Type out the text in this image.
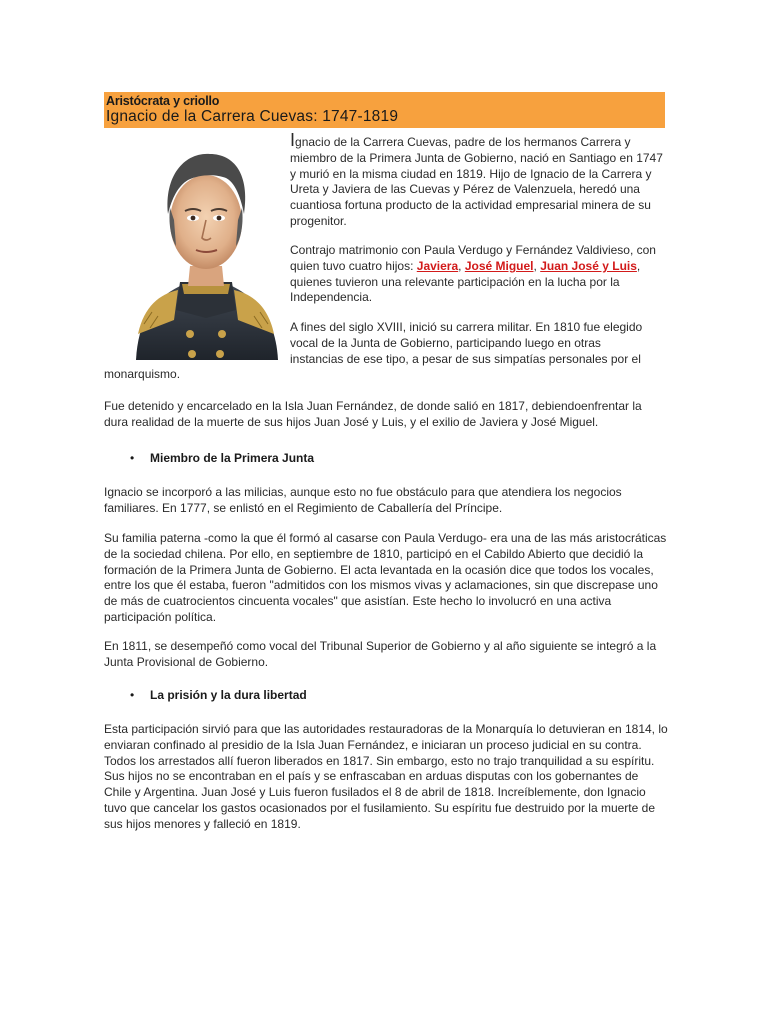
Aristócrata y criollo
Ignacio de la Carrera Cuevas: 1747-1819

Ignacio de la Carrera Cuevas, padre de los hermanos Carrera y miembro de la Primera Junta de Gobierno, nació en Santiago en 1747 y murió en la misma ciudad en 1819. Hijo de Ignacio de la Carrera y Ureta y Javiera de las Cuevas y Pérez de Valenzuela, heredó una cuantiosa fortuna producto de la actividad empresarial minera de su progenitor.

Contrajo matrimonio con Paula Verdugo y Fernández Valdivieso, con quien tuvo cuatro hijos: Javiera, José Miguel, Juan José y Luis, quienes tuvieron una relevante participación en la lucha por la Independencia.

A fines del siglo XVIII, inició su carrera militar. En 1810 fue elegido
vocal de la Junta de Gobierno, participando luego en otras
instancias de ese tipo, a pesar de sus simpatías personales por el
monarquismo.

Fue detenido y encarcelado en la Isla Juan Fernández, de donde salió en 1817, debiendoenfrentar la dura realidad de la muerte de sus hijos Juan José y Luis, y el exilio de Javiera y José Miguel.

• Miembro de la Primera Junta

Ignacio se incorporó a las milicias, aunque esto no fue obstáculo para que atendiera los negocios familiares. En 1777, se enlistó en el Regimiento de Caballería del Príncipe.

Su familia paterna -como la que él formó al casarse con Paula Verdugo- era una de las más aristocráticas de la sociedad chilena. Por ello, en septiembre de 1810, participó en el Cabildo Abierto que decidió la formación de la Primera Junta de Gobierno. El acta levantada en la ocasión dice que todos los vocales, entre los que él estaba, fueron "admitidos con los mismos vivas y aclamaciones, sin que discrepase uno de más de cuatrocientos cincuenta vocales" que asistían. Este hecho lo involucró en una activa participación política.

En 1811, se desempeñó como vocal del Tribunal Superior de Gobierno y al año siguiente se integró a la Junta Provisional de Gobierno.

• La prisión y la dura libertad

Esta participación sirvió para que las autoridades restauradoras de la Monarquía lo detuvieran en 1814, lo enviaran confinado al presidio de la Isla Juan Fernández, e iniciaran un proceso judicial en su contra. Todos los arrestados allí fueron liberados en 1817. Sin embargo, esto no trajo tranquilidad a su espíritu. Sus hijos no se encontraban en el país y se enfrascaban en arduas disputas con los gobernantes de Chile y Argentina. Juan José y Luis fueron fusilados el 8 de abril de 1818. Increíblemente, don Ignacio tuvo que cancelar los gastos ocasionados por el fusilamiento. Su espíritu fue destruido por la muerte de sus hijos menores y falleció en 1819.
